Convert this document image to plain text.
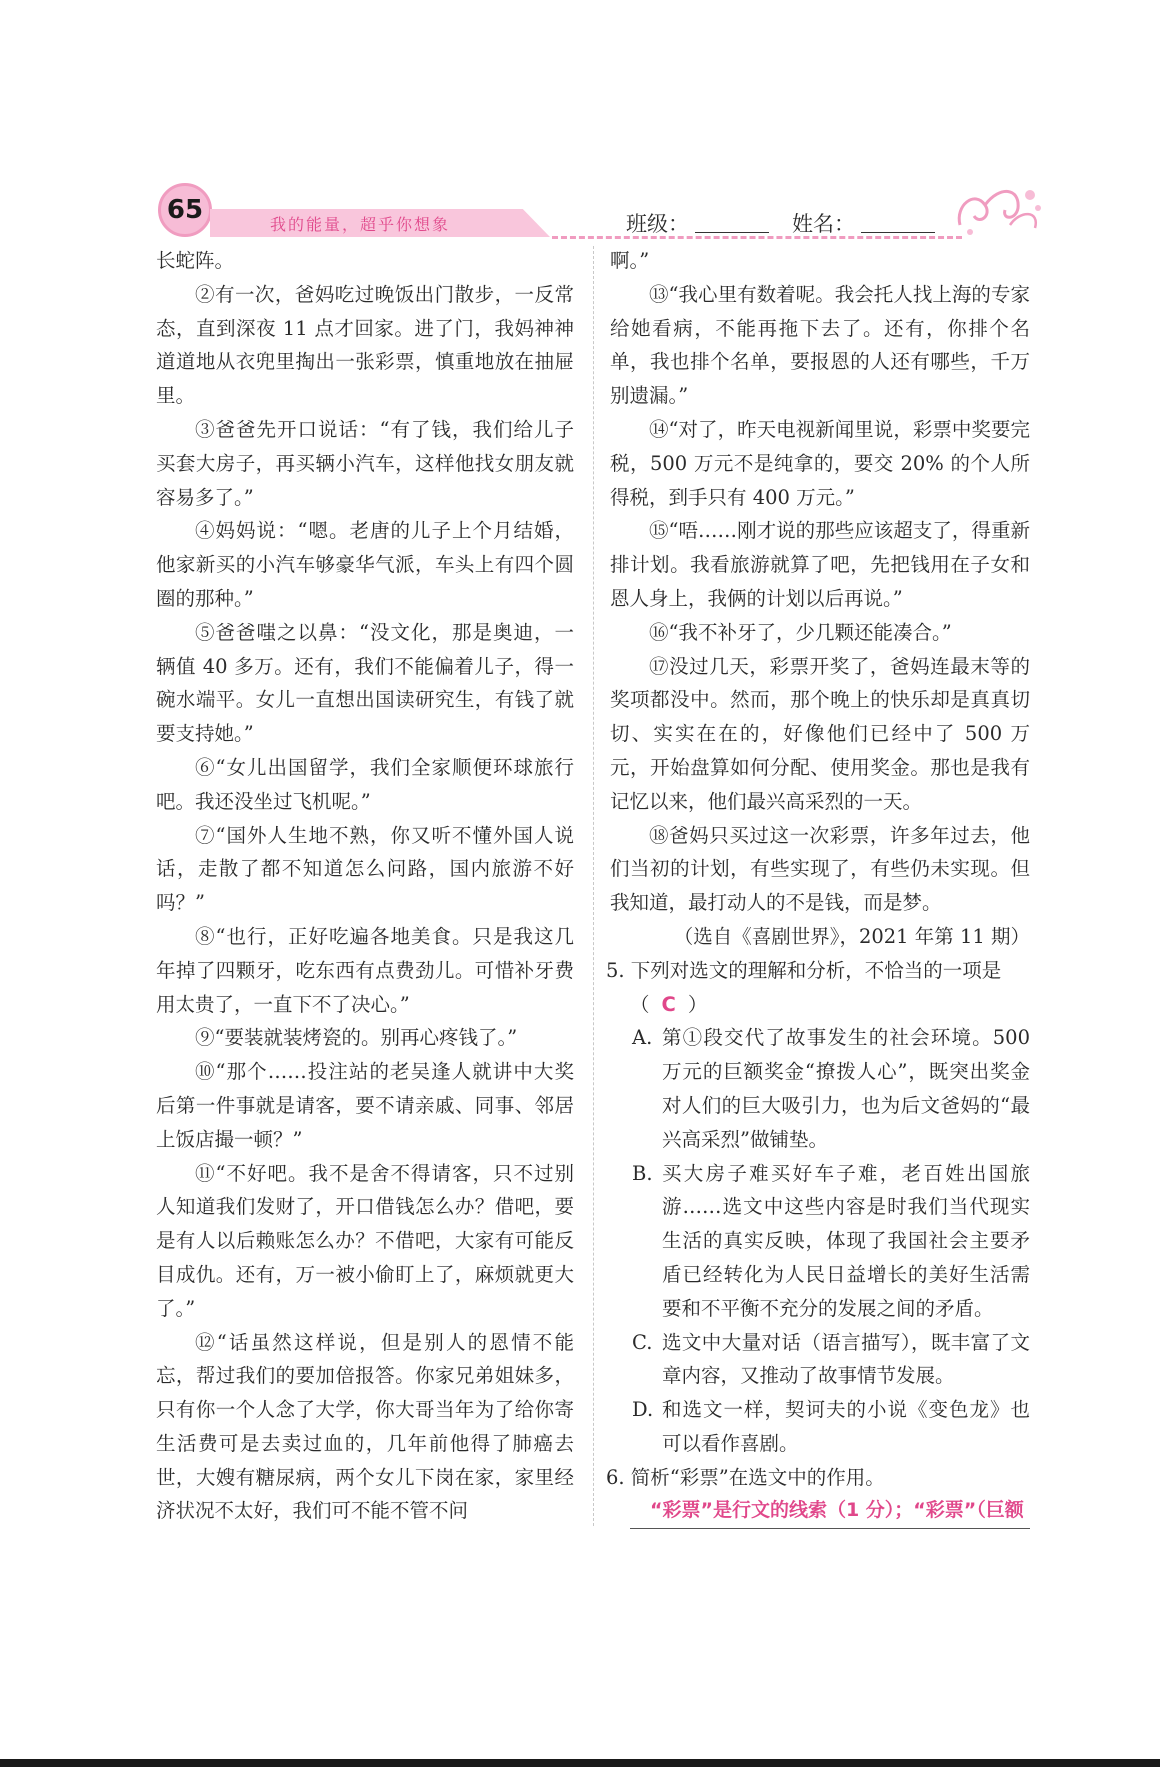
65	我的能量，超乎你想象	班级：	姓名：

长蛇阵。

②有一次，爸妈吃过晚饭出门散步，一反常态，直到深夜 11 点才回家。进了门，我妈神神道道地从衣兜里掏出一张彩票，慎重地放在抽屉里。

③爸爸先开口说话：“有了钱，我们给儿子买套大房子，再买辆小汽车，这样他找女朋友就容易多了。”

④妈妈说：“嗯。老唐的儿子上个月结婚，他家新买的小汽车够豪华气派，车头上有四个圆圈的那种。”

⑤爸爸嗤之以鼻：“没文化，那是奥迪，一辆值 40 多万。还有，我们不能偏着儿子，得一碗水端平。女儿一直想出国读研究生，有钱了就要支持她。”

⑥“女儿出国留学，我们全家顺便环球旅行吧。我还没坐过飞机呢。”

⑦“国外人生地不熟，你又听不懂外国人说话，走散了都不知道怎么问路，国内旅游不好吗？”

⑧“也行，正好吃遍各地美食。只是我这几年掉了四颗牙，吃东西有点费劲儿。可惜补牙费用太贵了，一直下不了决心。”

⑨“要装就装烤瓷的。别再心疼钱了。”

⑩“那个……投注站的老吴逢人就讲中大奖后第一件事就是请客，要不请亲戚、同事、邻居上饭店撮一顿？”

⑪“不好吧。我不是舍不得请客，只不过别人知道我们发财了，开口借钱怎么办？借吧，要是有人以后赖账怎么办？不借吧，大家有可能反目成仇。还有，万一被小偷盯上了，麻烦就更大了。”

⑫“话虽然这样说，但是别人的恩情不能忘，帮过我们的要加倍报答。你家兄弟姐妹多，只有你一个人念了大学，你大哥当年为了给你寄生活费可是去卖过血的，几年前他得了肺癌去世，大嫂有糖尿病，两个女儿下岗在家，家里经济状况不太好，我们可不能不管不问

啊。”

⑬“我心里有数着呢。我会托人找上海的专家给她看病，不能再拖下去了。还有，你排个名单，我也排个名单，要报恩的人还有哪些，千万别遗漏。”

⑭“对了，昨天电视新闻里说，彩票中奖要完税，500 万元不是纯拿的，要交 20% 的个人所得税，到手只有 400 万元。”

⑮“唔……刚才说的那些应该超支了，得重新排计划。我看旅游就算了吧，先把钱用在子女和恩人身上，我俩的计划以后再说。”

⑯“我不补牙了，少几颗还能凑合。”

⑰没过几天，彩票开奖了，爸妈连最末等的奖项都没中。然而，那个晚上的快乐却是真真切切、实实在在的，好像他们已经中了 500 万元，开始盘算如何分配、使用奖金。那也是我有记忆以来，他们最兴高采烈的一天。

⑱爸妈只买过这一次彩票，许多年过去，他们当初的计划，有些实现了，有些仍未实现。但我知道，最打动人的不是钱，而是梦。

（选自《喜剧世界》，2021 年第 11 期）

5. 下列对选文的理解和分析，不恰当的一项是

（ C ）

A. 第①段交代了故事发生的社会环境。500 万元的巨额奖金“撩拨人心”，既突出奖金对人们的巨大吸引力，也为后文爸妈的“最兴高采烈”做铺垫。

B. 买大房子难买好车子难，老百姓出国旅游……选文中这些内容是时我们当代现实生活的真实反映，体现了我国社会主要矛盾已经转化为人民日益增长的美好生活需要和不平衡不充分的发展之间的矛盾。

C. 选文中大量对话（语言描写），既丰富了文章内容，又推动了故事情节发展。

D. 和选文一样，契诃夫的小说《变色龙》也可以看作喜剧。

6. 简析“彩票”在选文中的作用。

“彩票”是行文的线索（1 分）；“彩票”（巨额
